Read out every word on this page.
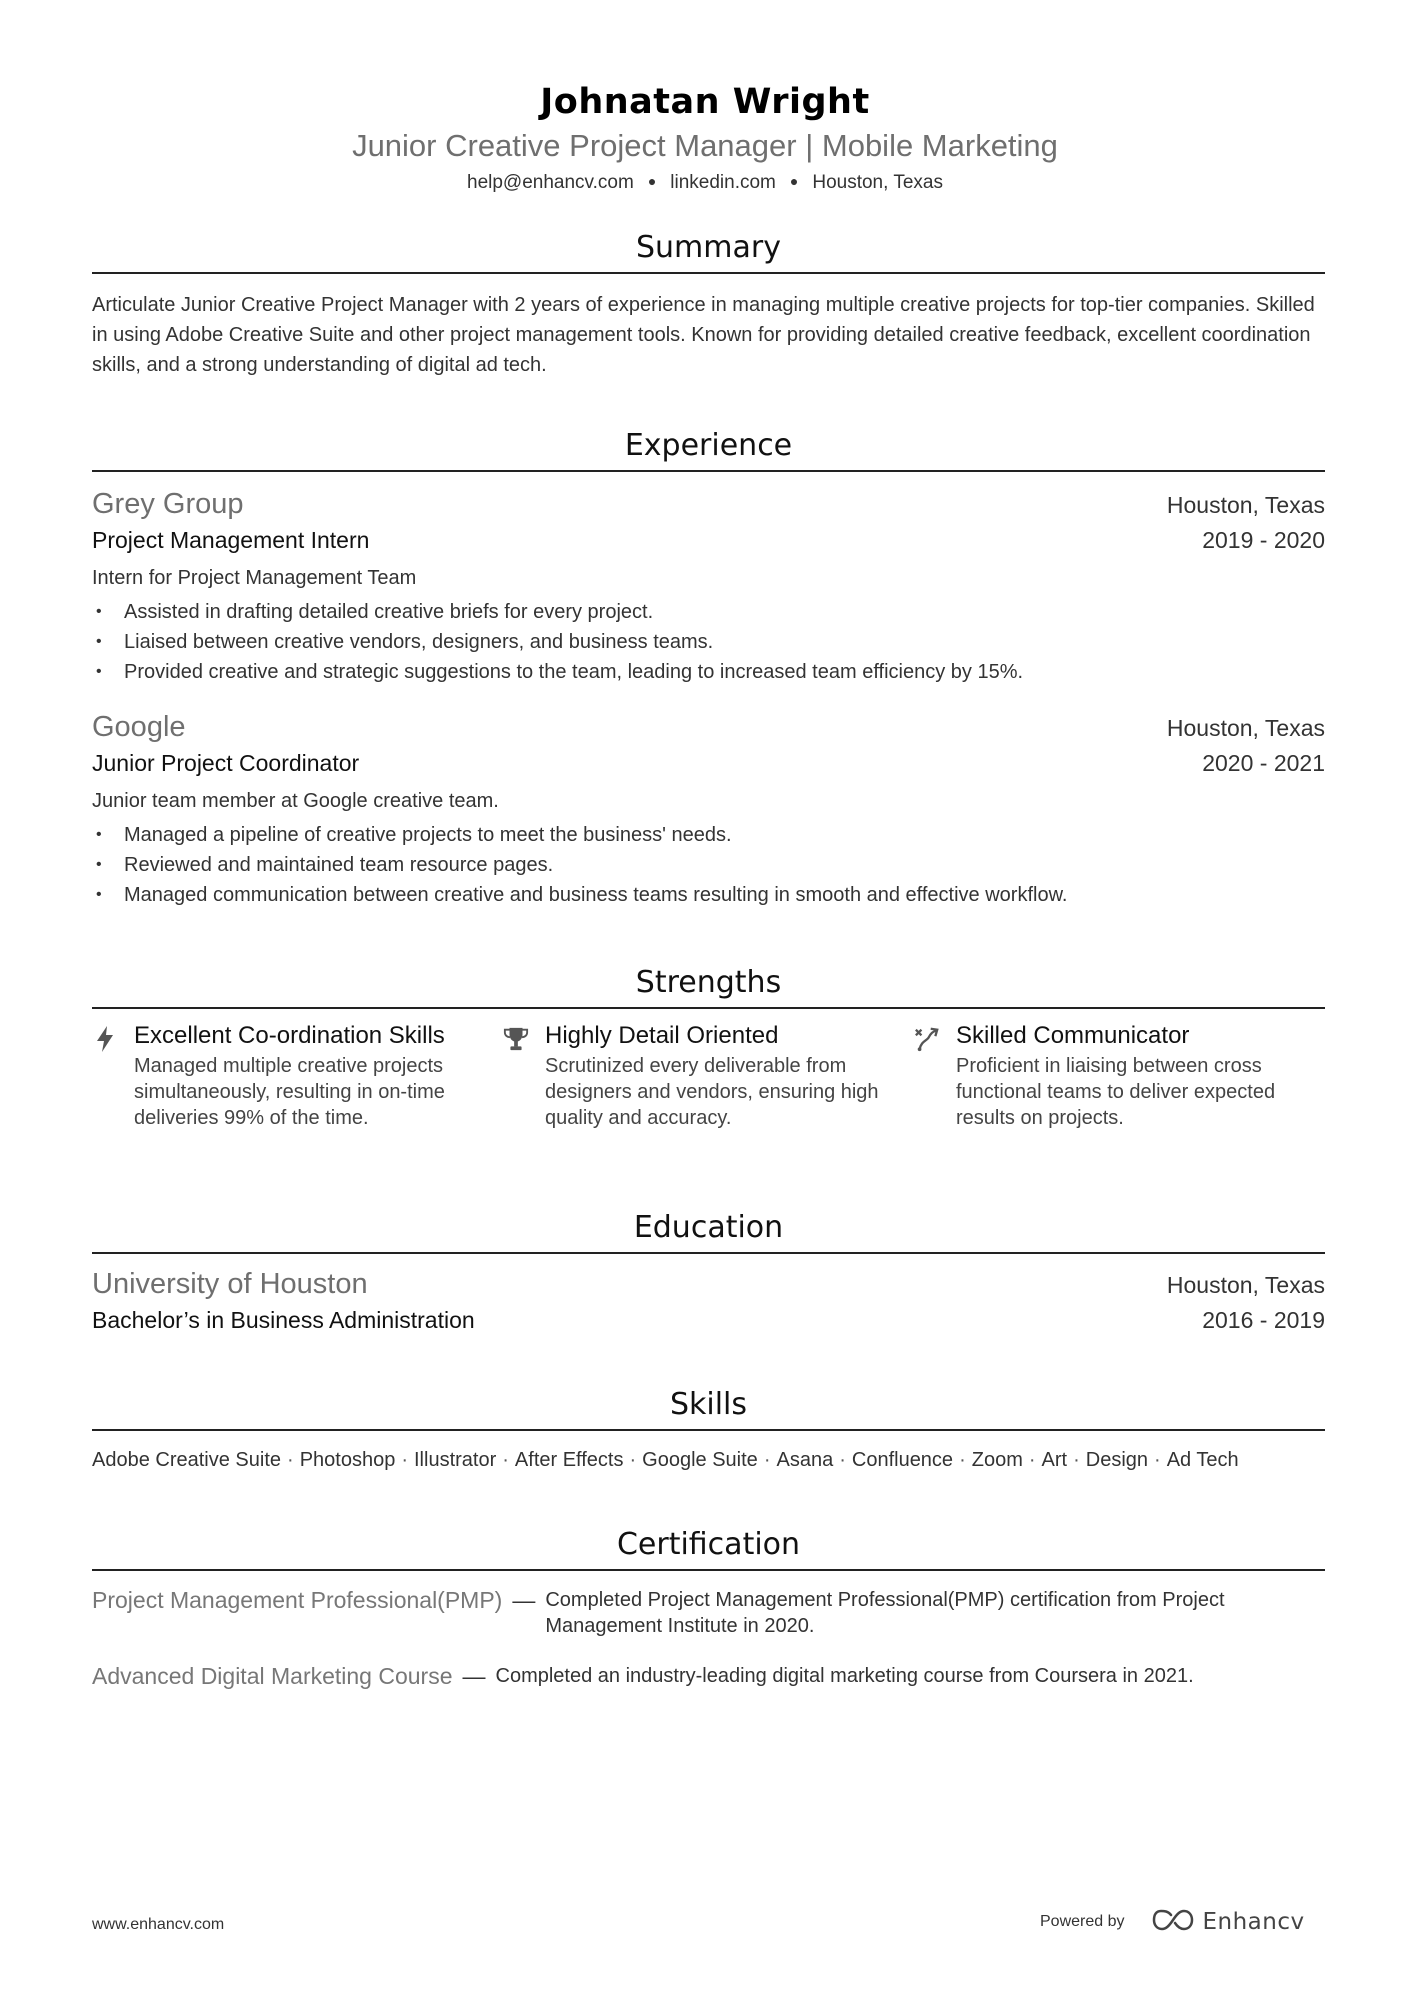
Johnatan Wright
Junior Creative Project Manager | Mobile Marketing
help@enhancv.com ● linkedin.com ● Houston, Texas
Summary
Articulate Junior Creative Project Manager with 2 years of experience in managing multiple creative projects for top-tier companies. Skilled in using Adobe Creative Suite and other project management tools. Known for providing detailed creative feedback, excellent coordination skills, and a strong understanding of digital ad tech.
Experience
Grey Group	Houston, Texas
Project Management Intern	2019 - 2020
Intern for Project Management Team
• Assisted in drafting detailed creative briefs for every project.
• Liaised between creative vendors, designers, and business teams.
• Provided creative and strategic suggestions to the team, leading to increased team efficiency by 15%.
Google	Houston, Texas
Junior Project Coordinator	2020 - 2021
Junior team member at Google creative team.
• Managed a pipeline of creative projects to meet the business' needs.
• Reviewed and maintained team resource pages.
• Managed communication between creative and business teams resulting in smooth and effective workflow.
Strengths
Excellent Co-ordination Skills
Managed multiple creative projects simultaneously, resulting in on-time deliveries 99% of the time.
Highly Detail Oriented
Scrutinized every deliverable from designers and vendors, ensuring high quality and accuracy.
Skilled Communicator
Proficient in liaising between cross functional teams to deliver expected results on projects.
Education
University of Houston	Houston, Texas
Bachelor’s in Business Administration	2016 - 2019
Skills
Adobe Creative Suite · Photoshop · Illustrator · After Effects · Google Suite · Asana · Confluence · Zoom · Art · Design · Ad Tech
Certification
Project Management Professional(PMP) — Completed Project Management Professional(PMP) certification from Project Management Institute in 2020.
Advanced Digital Marketing Course — Completed an industry-leading digital marketing course from Coursera in 2021.
www.enhancv.com	Powered by	Enhancv
